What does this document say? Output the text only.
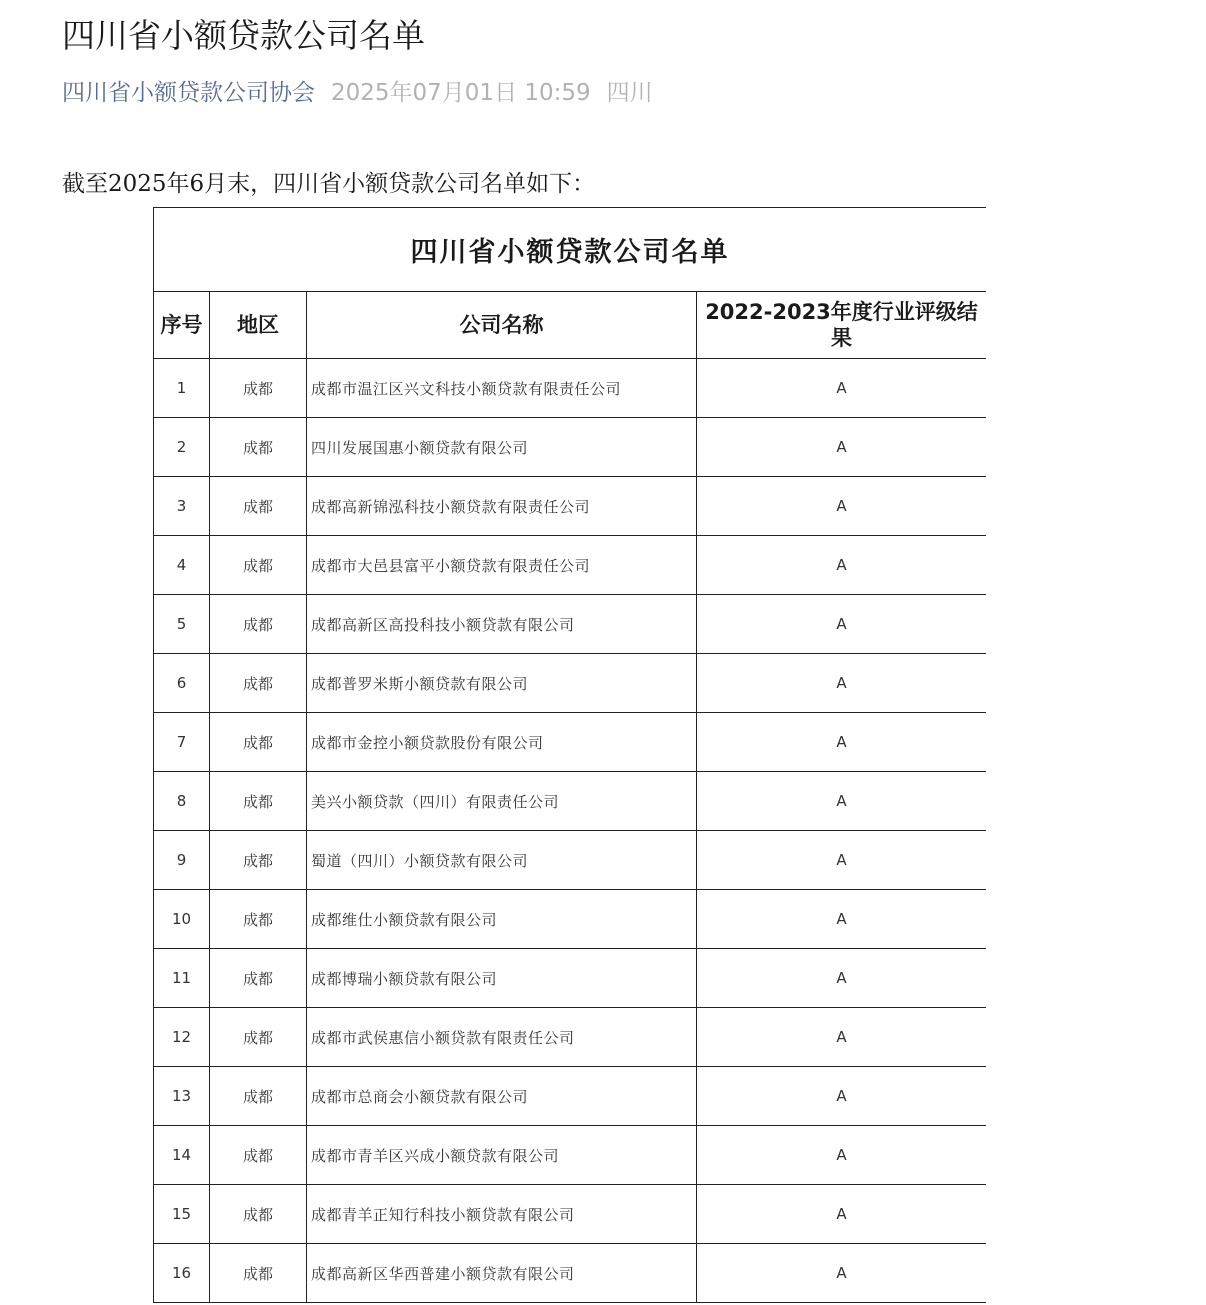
四川省小额贷款公司名单
四川省小额贷款公司协会 2025年07月01日 10:59 四川
截至2025年6月末，四川省小额贷款公司名单如下：
四川省小额贷款公司名单			
序号	地区	公司名称	2022-2023年度行业评级结果
1	成都	成都市温江区兴文科技小额贷款有限责任公司	A
2	成都	四川发展国惠小额贷款有限公司	A
3	成都	成都高新锦泓科技小额贷款有限责任公司	A
4	成都	成都市大邑县富平小额贷款有限责任公司	A
5	成都	成都高新区高投科技小额贷款有限公司	A
6	成都	成都普罗米斯小额贷款有限公司	A
7	成都	成都市金控小额贷款股份有限公司	A
8	成都	美兴小额贷款（四川）有限责任公司	A
9	成都	蜀道（四川）小额贷款有限公司	A
10	成都	成都维仕小额贷款有限公司	A
11	成都	成都博瑞小额贷款有限公司	A
12	成都	成都市武侯惠信小额贷款有限责任公司	A
13	成都	成都市总商会小额贷款有限公司	A
14	成都	成都市青羊区兴成小额贷款有限公司	A
15	成都	成都青羊正知行科技小额贷款有限公司	A
16	成都	成都高新区华西普建小额贷款有限公司	A
